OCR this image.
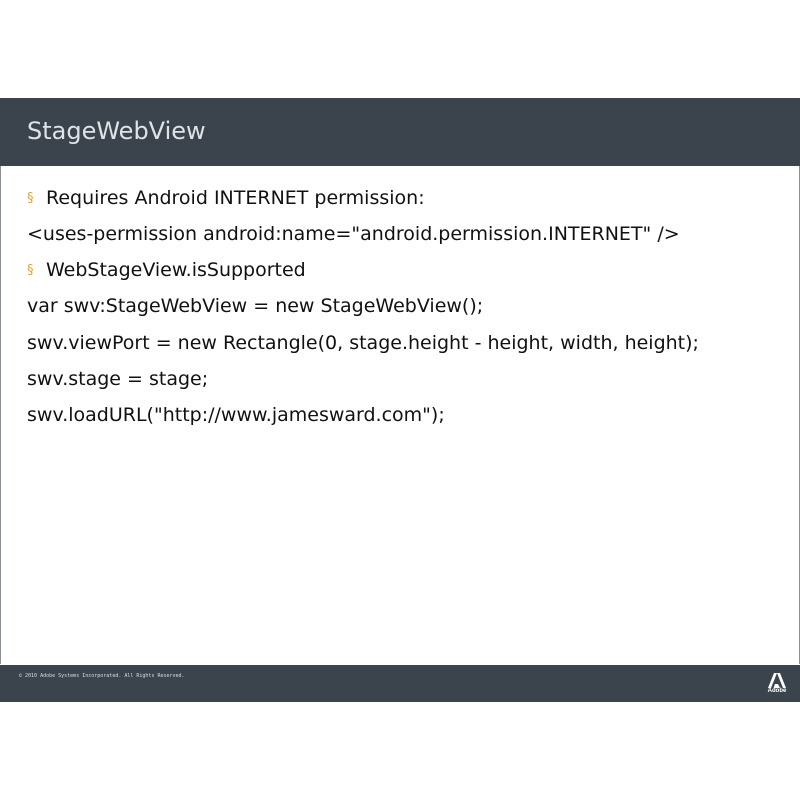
StageWebView
§ Requires Android INTERNET permission:
<uses-permission android:name="android.permission.INTERNET" />
§ WebStageView.isSupported
var swv:StageWebView = new StageWebView();
swv.viewPort = new Rectangle(0, stage.height - height, width, height);
swv.stage = stage;
swv.loadURL("http://www.jamesward.com");
© 2010 Adobe Systems Incorporated. All Rights Reserved.
Adobe
